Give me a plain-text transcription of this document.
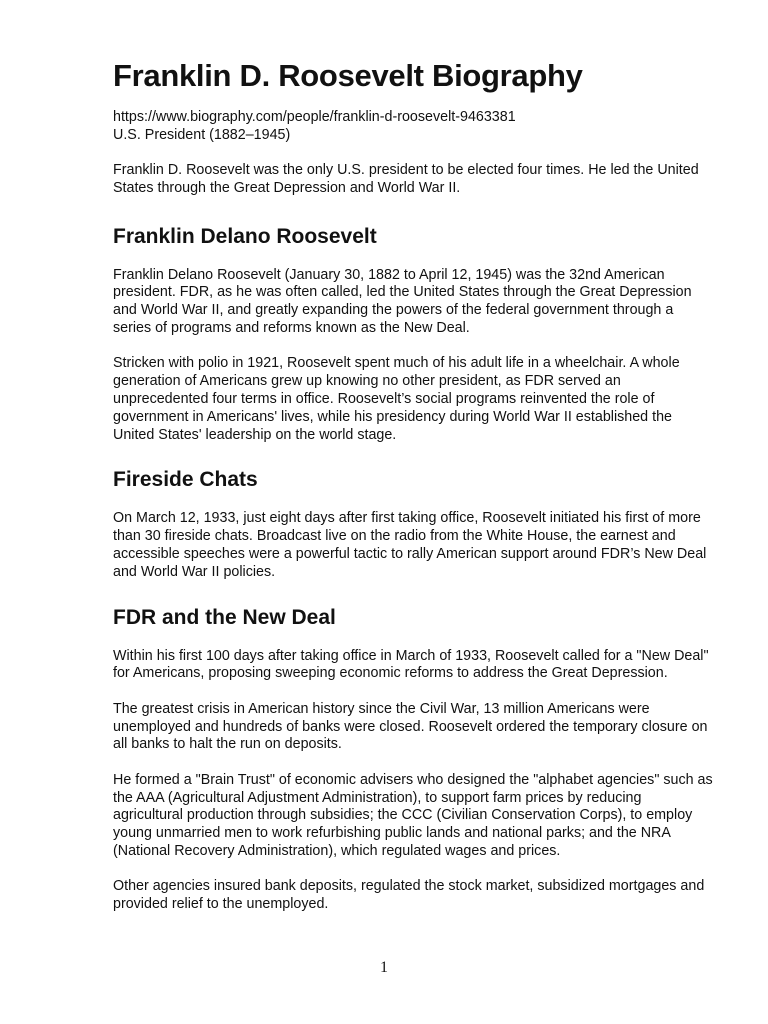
Franklin D. Roosevelt Biography
https://www.biography.com/people/franklin-d-roosevelt-9463381
U.S. President (1882–1945)

Franklin D. Roosevelt was the only U.S. president to be elected four times. He led the United States through the Great Depression and World War II.

Franklin Delano Roosevelt

Franklin Delano Roosevelt (January 30, 1882 to April 12, 1945) was the 32nd American president. FDR, as he was often called, led the United States through the Great Depression and World War II, and greatly expanding the powers of the federal government through a series of programs and reforms known as the New Deal.

Stricken with polio in 1921, Roosevelt spent much of his adult life in a wheelchair. A whole generation of Americans grew up knowing no other president, as FDR served an unprecedented four terms in office. Roosevelt’s social programs reinvented the role of government in Americans' lives, while his presidency during World War II established the United States' leadership on the world stage.

Fireside Chats

On March 12, 1933, just eight days after first taking office, Roosevelt initiated his first of more than 30 fireside chats. Broadcast live on the radio from the White House, the earnest and accessible speeches were a powerful tactic to rally American support around FDR’s New Deal and World War II policies.

FDR and the New Deal

Within his first 100 days after taking office in March of 1933, Roosevelt called for a "New Deal" for Americans, proposing sweeping economic reforms to address the Great Depression.

The greatest crisis in American history since the Civil War, 13 million Americans were unemployed and hundreds of banks were closed. Roosevelt ordered the temporary closure on all banks to halt the run on deposits.

He formed a "Brain Trust" of economic advisers who designed the "alphabet agencies" such as the AAA (Agricultural Adjustment Administration), to support farm prices by reducing agricultural production through subsidies; the CCC (Civilian Conservation Corps), to employ young unmarried men to work refurbishing public lands and national parks; and the NRA (National Recovery Administration), which regulated wages and prices.

Other agencies insured bank deposits, regulated the stock market, subsidized mortgages and provided relief to the unemployed.

1
